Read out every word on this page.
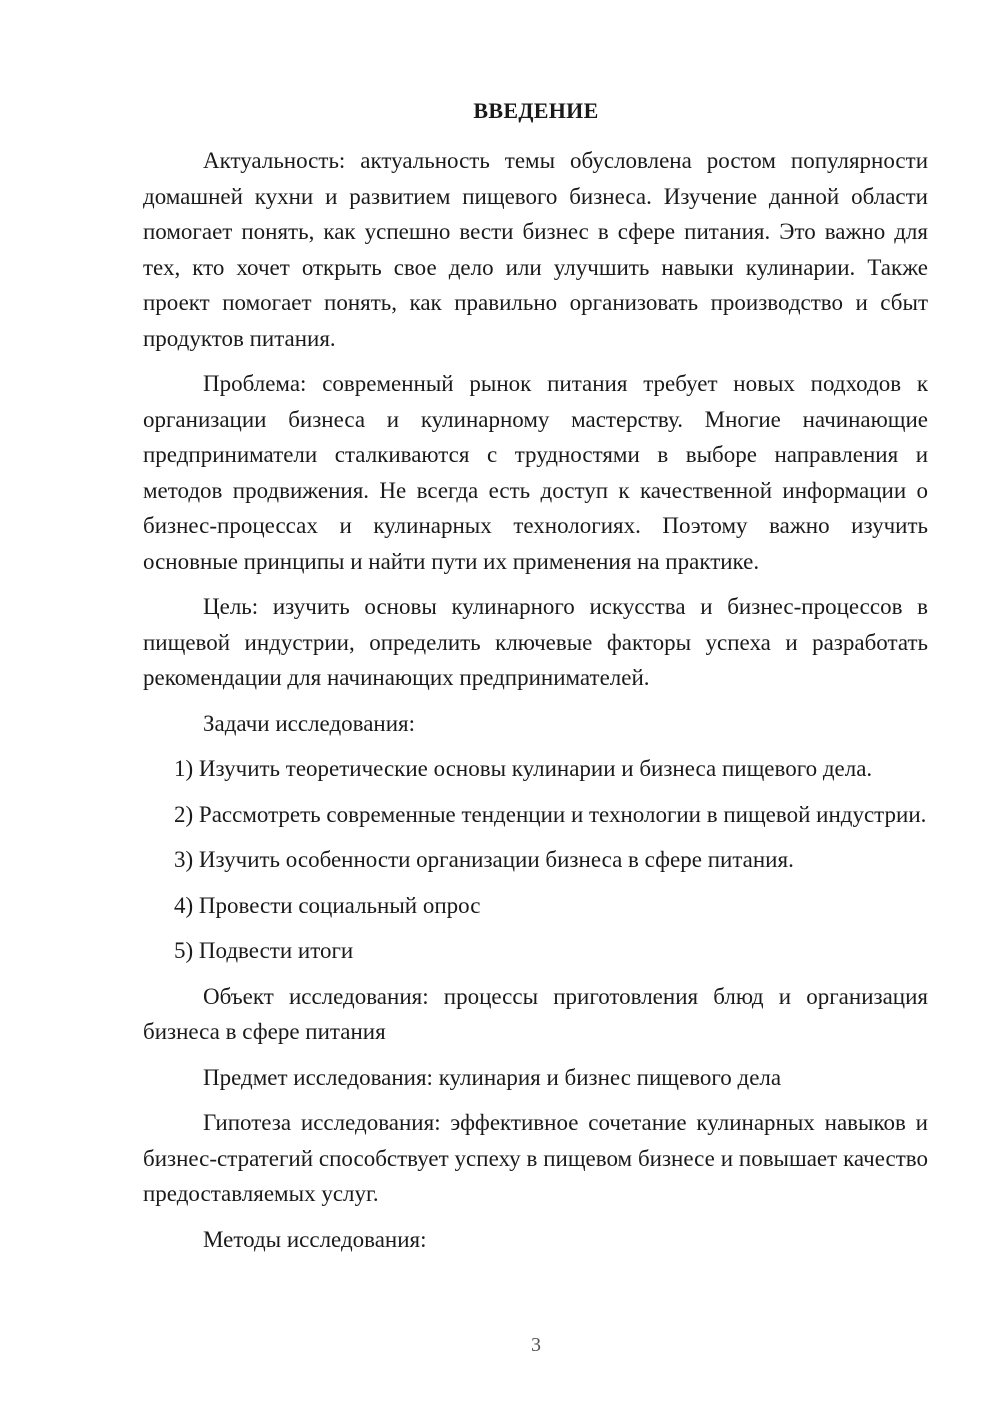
ВВЕДЕНИЕ

Актуальность: актуальность темы обусловлена ростом популярности домашней кухни и развитием пищевого бизнеса. Изучение данной области помогает понять, как успешно вести бизнес в сфере питания. Это важно для тех, кто хочет открыть свое дело или улучшить навыки кулинарии. Также проект помогает понять, как правильно организовать производство и сбыт продуктов питания.

Проблема: современный рынок питания требует новых подходов к организации бизнеса и кулинарному мастерству. Многие начинающие предприниматели сталкиваются с трудностями в выборе направления и методов продвижения. Не всегда есть доступ к качественной информации о бизнес-процессах и кулинарных технологиях. Поэтому важно изучить основные принципы и найти пути их применения на практике.

Цель: изучить основы кулинарного искусства и бизнес-процессов в пищевой индустрии, определить ключевые факторы успеха и разработать рекомендации для начинающих предпринимателей.

Задачи исследования:

1) Изучить теоретические основы кулинарии и бизнеса пищевого дела.

2) Рассмотреть современные тенденции и технологии в пищевой индустрии.

3) Изучить особенности организации бизнеса в сфере питания.

4) Провести социальный опрос

5) Подвести итоги

Объект исследования: процессы приготовления блюд и организация бизнеса в сфере питания

Предмет исследования: кулинария и бизнес пищевого дела

Гипотеза исследования: эффективное сочетание кулинарных навыков и бизнес-стратегий способствует успеху в пищевом бизнесе и повышает качество предоставляемых услуг.

Методы исследования:

3
